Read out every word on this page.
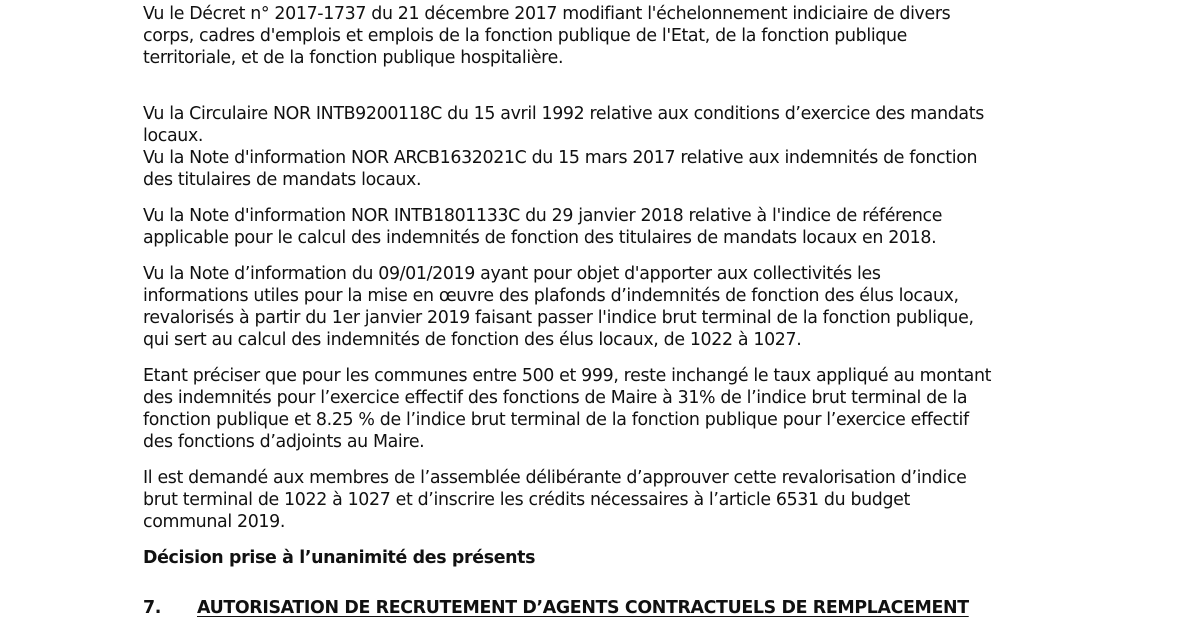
Vu le Décret n° 2017-1737 du 21 décembre 2017 modifiant l'échelonnement indiciaire de divers
corps, cadres d'emplois et emplois de la fonction publique de l'Etat, de la fonction publique
territoriale, et de la fonction publique hospitalière.

Vu la Circulaire NOR INTB9200118C du 15 avril 1992 relative aux conditions d’exercice des mandats
locaux.

Vu la Note d'information NOR ARCB1632021C du 15 mars 2017 relative aux indemnités de fonction
des titulaires de mandats locaux.

Vu la Note d'information NOR INTB1801133C du 29 janvier 2018 relative à l'indice de référence
applicable pour le calcul des indemnités de fonction des titulaires de mandats locaux en 2018.

Vu la Note d’information du 09/01/2019 ayant pour objet d'apporter aux collectivités les
informations utiles pour la mise en œuvre des plafonds d’indemnités de fonction des élus locaux,
revalorisés à partir du 1er janvier 2019 faisant passer l'indice brut terminal de la fonction publique,
qui sert au calcul des indemnités de fonction des élus locaux, de 1022 à 1027.

Etant préciser que pour les communes entre 500 et 999, reste inchangé le taux appliqué au montant
des indemnités pour l’exercice effectif des fonctions de Maire à 31% de l’indice brut terminal de la
fonction publique et 8.25 % de l’indice brut terminal de la fonction publique pour l’exercice effectif
des fonctions d’adjoints au Maire.

Il est demandé aux membres de l’assemblée délibérante d’approuver cette revalorisation d’indice
brut terminal de 1022 à 1027 et d’inscrire les crédits nécessaires à l’article 6531 du budget
communal 2019.

Décision prise à l’unanimité des présents

7. AUTORISATION DE RECRUTEMENT D’AGENTS CONTRACTUELS DE REMPLACEMENT
